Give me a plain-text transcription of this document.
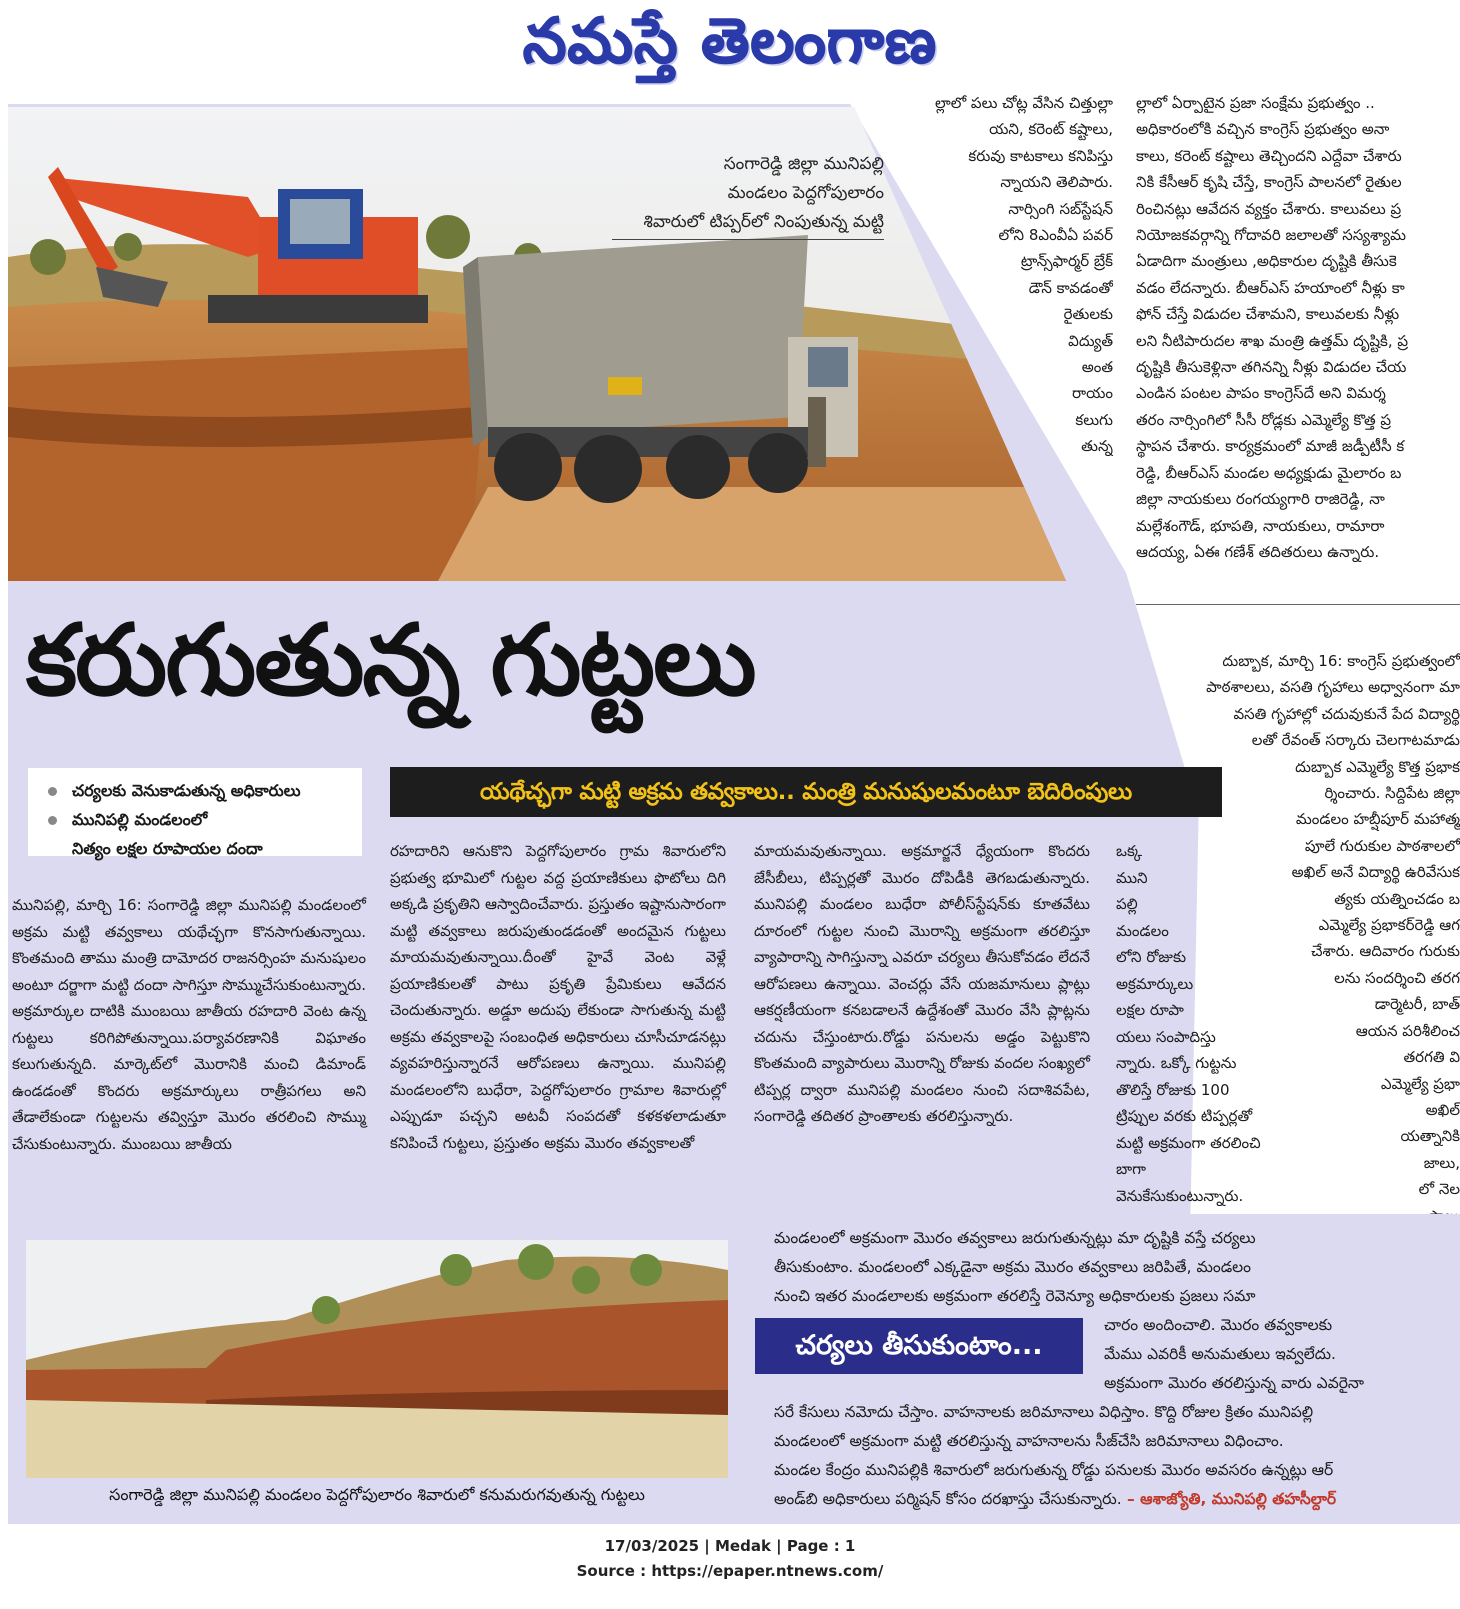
నమస్తే తెలంగాణ
సంగారెడ్డి జిల్లా మునిపల్లి
మండలం పెద్దగోపులారం
శివారులో టిప్పర్‌లో నింపుతున్న మట్టి
కరుగుతున్న గుట్టలు
చర్యలకు వెనుకాడుతున్న అధికారులు
మునిపల్లి మండలంలో
నిత్యం లక్షల రూపాయల దందా
యథేచ్ఛగా మట్టి అక్రమ తవ్వకాలు.. మంత్రి మనుషులమంటూ బెదిరింపులు
మునిపల్లి, మార్చి 16: సంగారెడ్డి జిల్లా మునిపల్లి మండలంలో అక్రమ మట్టి తవ్వకాలు యథేచ్ఛగా కొనసాగుతున్నాయి. కొంతమంది తాము మంత్రి దామోదర రాజనర్సింహ మనుషులం అంటూ దర్జాగా మట్టి దందా సాగిస్తూ సొమ్ముచేసుకుంటున్నారు. అక్రమార్కుల దాటికి ముంబయి జాతీయ రహదారి వెంట ఉన్న గుట్టలు కరిగిపోతున్నాయి.పర్యావరణానికి విఘాతం కలుగుతున్నది. మార్కెట్‌లో మొరానికి మంచి డిమాండ్ ఉండడంతో కొందరు అక్రమార్కులు రాత్రీపగలు అని తేడాలేకుండా గుట్టలను తవ్విస్తూ మొరం తరలించి సొమ్ము చేసుకుంటున్నారు. ముంబయి జాతీయ
రహదారిని ఆనుకొని పెద్దగోపులారం గ్రామ శివారులోని ప్రభుత్వ భూమిలో గుట్టల వద్ద ప్రయాణికులు ఫొటోలు దిగి అక్కడి ప్రకృతిని ఆస్వాదించేవారు. ప్రస్తుతం ఇష్టానుసారంగా మట్టి తవ్వకాలు జరుపుతుండడంతో అందమైన గుట్టలు మాయమవుతున్నాయి.దీంతో హైవే వెంట వెళ్లే ప్రయాణికులతో పాటు ప్రకృతి ప్రేమికులు ఆవేదన చెందుతున్నారు. అడ్డూ అదుపు లేకుండా సాగుతున్న మట్టి అక్రమ తవ్వకాలపై సంబంధిత అధికారులు చూసీచూడనట్లు వ్యవహరిస్తున్నారనే ఆరోపణలు ఉన్నాయి. మునిపల్లి మండలంలోని బుధేరా, పెద్దగోపులారం గ్రామాల శివారుల్లో ఎప్పుడూ పచ్చని అటవీ సంపదతో కళకళలాడుతూ కనిపించే గుట్టలు, ప్రస్తుతం అక్రమ మొరం తవ్వకాలతో
మాయమవుతున్నాయి. అక్రమార్జనే ధ్యేయంగా కొందరు జేసీబీలు, టిప్పర్లతో మొరం దోపిడీకి తెగబడుతున్నారు. మునిపల్లి మండలం బుధేరా పోలీస్‌స్టేషన్‌కు కూతవేటు దూరంలో గుట్టల నుంచి మొరాన్ని అక్రమంగా తరలిస్తూ వ్యాపారాన్ని సాగిస్తున్నా ఎవరూ చర్యలు తీసుకోవడం లేదనే ఆరోపణలు ఉన్నాయి. వెంచర్లు వేసే యజమానులు ప్లాట్లు ఆకర్షణీయంగా కనబడాలనే ఉద్దేశంతో మొరం వేసి ప్లాట్లను చదును చేస్తుంటారు.రోడ్డు పనులను అడ్డం పెట్టుకొని కొంతమంది వ్యాపారులు మొరాన్ని రోజుకు వందల సంఖ్యలో టిప్పర్ల ద్వారా మునిపల్లి మండలం నుంచి సదాశివపేట, సంగారెడ్డి తదితర ప్రాంతాలకు తరలిస్తున్నారు.
ఒక్క
ముని
పల్లి
మండలం
లోని రోజుకు
అక్రమార్కులు
లక్షల రూపా
యలు సంపాదిస్తు
న్నారు. ఒక్కో గుట్టను
తొలిస్తే రోజుకు 100
ట్రిప్పుల వరకు టిప్పర్లతో
మట్టి అక్రమంగా తరలించి
బాగా వెనుకేసుకుంటున్నారు.
ల్లాలో పలు చోట్ల వేసిన చిత్తుల్లా
యని, కరెంట్ కష్టాలు,
కరువు కాటకాలు కనిపిస్తు
న్నాయని తెలిపారు.
నార్సింగి సబ్‌స్టేషన్
లోని 8ఎంవీఏ పవర్
ట్రాన్స్‌ఫార్మర్ బ్రేక్
డౌన్ కావడంతో
రైతులకు
విద్యుత్
అంత
రాయం
కలుగు
తున్న
ల్లాలో ఏర్పాటైన ప్రజా సంక్షేమ ప్రభుత్వం ..
అధికారంలోకి వచ్చిన కాంగ్రెస్ ప్రభుత్వం అనా
కాలు, కరెంట్ కష్టాలు తెచ్చిందని ఎద్దేవా చేశారు
నికి కేసీఆర్ కృషి చేస్తే, కాంగ్రెస్ పాలనలో రైతుల
రించినట్లు ఆవేదన వ్యక్తం చేశారు. కాలువలు ప్ర
నియోజకవర్గాన్ని గోదావరి జలాలతో సస్యశ్యామ
ఏడాదిగా మంత్రులు ,అధికారుల దృష్టికి తీసుకె
వడం లేదన్నారు. బీఆర్ఎస్ హయాంలో నీళ్లు కా
ఫోన్ చేస్తే విడుదల చేశామని, కాలువలకు నీళ్లు
లని నీటిపారుదల శాఖ మంత్రి ఉత్తమ్ దృష్టికి, ప్ర
దృష్టికి తీసుకెళ్లినా తగినన్ని నీళ్లు విడుదల చేయ
ఎండిన పంటల పాపం కాంగ్రెస్‌దే అని విమర్శ
తరం నార్సింగిలో సీసీ రోడ్లకు ఎమ్మెల్యే కొత్త ప్ర
స్థాపన చేశారు. కార్యక్రమంలో మాజీ జడ్పీటీసీ క
రెడ్డి, బీఆర్ఎస్ మండల అధ్యక్షుడు మైలారం బ
జిల్లా నాయకులు రంగయ్యగారి రాజిరెడ్డి, నా
మల్లేశంగౌడ్, భూపతి, నాయకులు, రామారా
ఆదయ్య, ఏఈ గణేశ్ తదితరులు ఉన్నారు.
దుబ్బాక, మార్చి 16: కాంగ్రెస్ ప్రభుత్వంలో
పాఠశాలలు, వసతి గృహాలు అధ్వానంగా మా
వసతి గృహాల్లో చదువుకునే పేద విద్యార్థి
లతో రేవంత్ సర్కారు చెలగాటమాడు
దుబ్బాక ఎమ్మెల్యే కొత్త ప్రభాక
ర్శించారు. సిద్దిపేట జిల్లా
మండలం హబ్షీపూర్ మహాత్మ
పూలే గురుకుల పాఠశాలలో
అఖిల్ అనే విద్యార్థి ఉరివేసుక
త్యకు యత్నించడం బ
ఎమ్మెల్యే ప్రభాకర్‌రెడ్డి ఆగ
చేశారు. ఆదివారం గురుకు
లను సందర్శించి తరగ
డార్మెటరీ, బాత్
ఆయన పరిశీలించ
తరగతి వి
ఎమ్మెల్యే ప్రభా
అఖిల్
యత్నానికి
జాలు,
లో నెల
సంగారెడ్డి జిల్లా మునిపల్లి మండలం పెద్దగోపులారం శివారులో కనుమరుగవుతున్న గుట్టలు
మండలంలో అక్రమంగా మొరం తవ్వకాలు జరుగుతున్నట్లు మా దృష్టికి వస్తే చర్యలు
తీసుకుంటాం. మండలంలో ఎక్కడైనా అక్రమ మొరం తవ్వకాలు జరిపితే, మండలం
నుంచి ఇతర మండలాలకు అక్రమంగా తరలిస్తే రెవెన్యూ అధికారులకు ప్రజలు సమా
చారం అందించాలి. మొరం తవ్వకాలకు
మేము ఎవరికీ అనుమతులు ఇవ్వలేదు.
అక్రమంగా మొరం తరలిస్తున్న వారు ఎవరైనా
సరే కేసులు నమోదు చేస్తాం. వాహనాలకు జరిమానాలు విధిస్తాం. కొద్ది రోజుల క్రితం మునిపల్లి
మండలంలో అక్రమంగా మట్టి తరలిస్తున్న వాహనాలను సీజ్‌చేసి జరిమానాలు విధించాం.
మండల కేంద్రం మునిపల్లికి శివారులో జరుగుతున్న రోడ్డు పనులకు మొరం అవసరం ఉన్నట్లు ఆర్
అండ్‌బి అధికారులు పర్మిషన్ కోసం దరఖాస్తు చేసుకున్నారు. – ఆశాజ్యోతి, మునిపల్లి తహసీల్దార్
చర్యలు తీసుకుంటాం...
17/03/2025 | Medak | Page : 1
Source : https://epaper.ntnews.com/
